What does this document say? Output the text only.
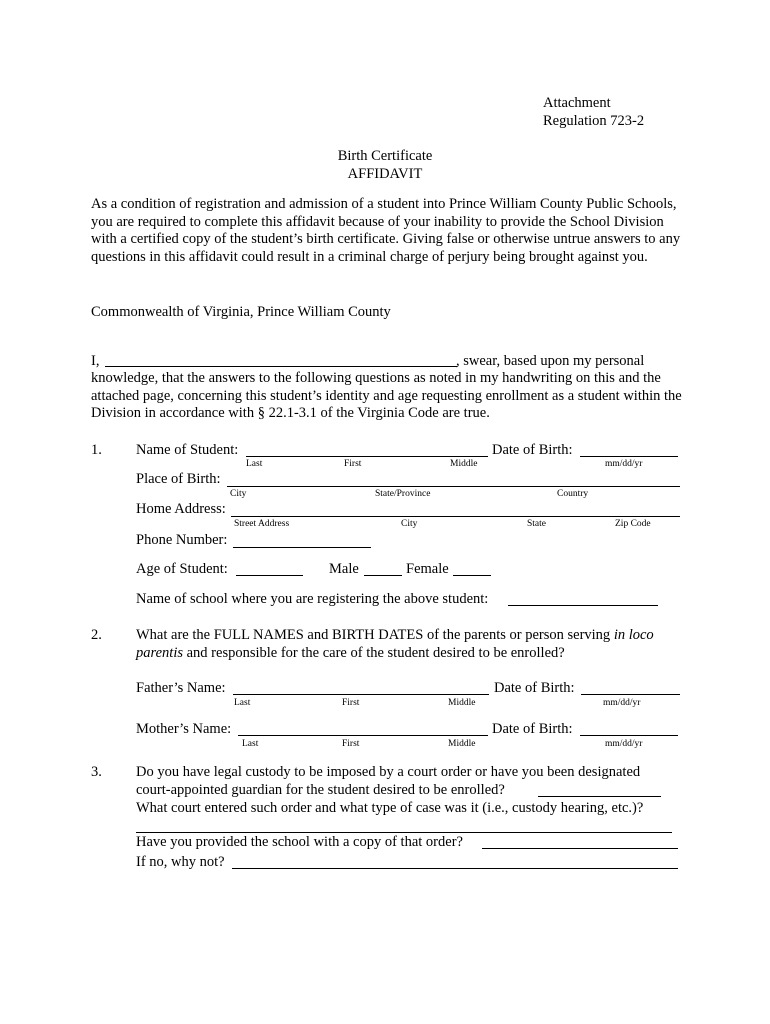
Attachment
Regulation 723-2
Birth Certificate
AFFIDAVIT
As a condition of registration and admission of a student into Prince William County Public Schools, you are required to complete this affidavit because of your inability to provide the School Division with a certified copy of the student’s birth certificate. Giving false or otherwise untrue answers to any questions in this affidavit could result in a criminal charge of perjury being brought against you.
Commonwealth of Virginia, Prince William County
I,	, swear, based upon my personal
knowledge, that the answers to the following questions as noted in my handwriting on this and the attached page, concerning this student’s identity and age requesting enrollment as a student within the Division in accordance with § 22.1-3.1 of the Virginia Code are true.
1. Name of Student:	Date of Birth:
Last	First	Middle	mm/dd/yr
Place of Birth:
City	State/Province	Country
Home Address:
Street Address	City	State	Zip Code
Phone Number:
Age of Student:	Male	Female
Name of school where you are registering the above student:
2. What are the FULL NAMES and BIRTH DATES of the parents or person serving in loco
parentis and responsible for the care of the student desired to be enrolled?
Father’s Name:	Date of Birth:
Last	First	Middle	mm/dd/yr
Mother’s Name:	Date of Birth:
Last	First	Middle	mm/dd/yr
3. Do you have legal custody to be imposed by a court order or have you been designated
court-appointed guardian for the student desired to be enrolled?
What court entered such order and what type of case was it (i.e., custody hearing, etc.)?
Have you provided the school with a copy of that order?
If no, why not?
